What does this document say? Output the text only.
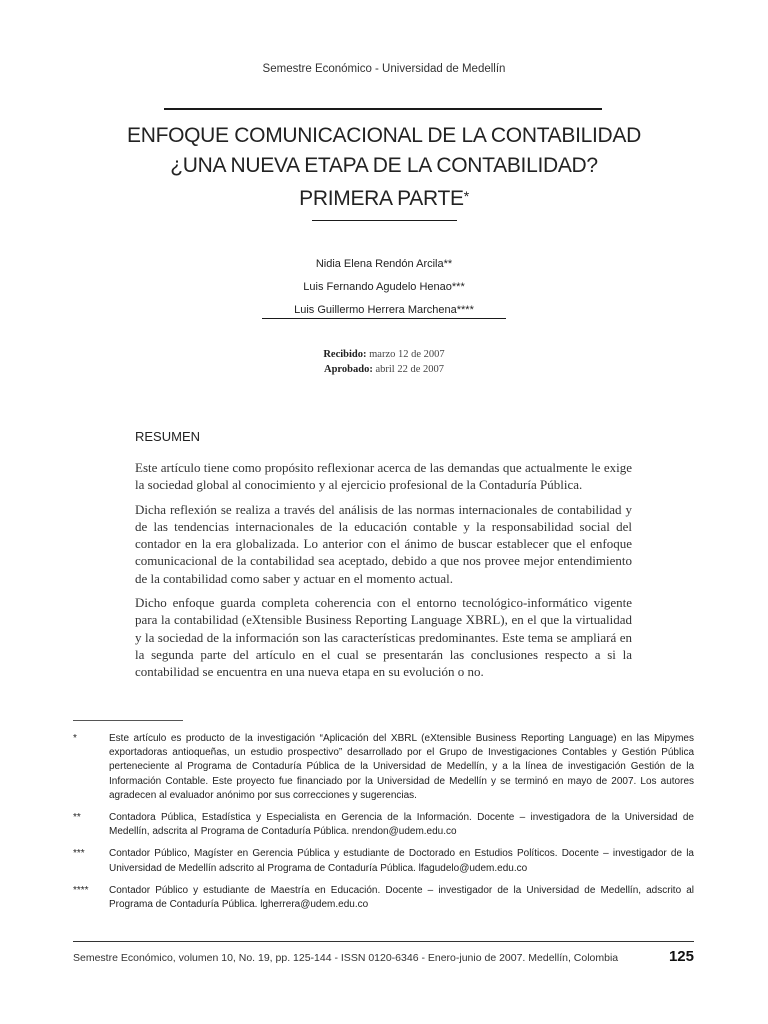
Semestre Económico - Universidad de Medellín
ENFOQUE COMUNICACIONAL DE LA CONTABILIDAD
¿UNA NUEVA ETAPA DE LA CONTABILIDAD?
PRIMERA PARTE*
Nidia Elena Rendón Arcila**
Luis Fernando Agudelo Henao***
Luis Guillermo Herrera Marchena****
Recibido: marzo 12 de 2007
Aprobado: abril 22 de 2007
RESUMEN

Este artículo tiene como propósito reflexionar acerca de las demandas que actualmente le exige la sociedad global al conocimiento y al ejercicio profesional de la Contaduría Pública.

Dicha reflexión se realiza a través del análisis de las normas internacionales de contabilidad y de las tendencias internacionales de la educación contable y la responsabilidad social del contador en la era globalizada. Lo anterior con el ánimo de buscar establecer que el enfoque comunicacional de la contabilidad sea aceptado, debido a que nos provee mejor entendimiento de la contabilidad como saber y actuar en el momento actual.

Dicho enfoque guarda completa coherencia con el entorno tecnológico-informático vigente para la contabilidad (eXtensible Business Reporting Language XBRL), en el que la virtualidad y la sociedad de la información son las características predominantes. Este tema se ampliará en la segunda parte del artículo en el cual se presentarán las conclusiones respecto a si la contabilidad se encuentra en una nueva etapa en su evolución o no.

*	Este artículo es producto de la investigación “Aplicación del XBRL (eXtensible Business Reporting Language) en las Mipymes exportadoras antioqueñas, un estudio prospectivo” desarrollado por el Grupo de Investigaciones Contables y Gestión Pública perteneciente al Programa de Contaduría Pública de la Universidad de Medellín, y a la línea de investigación Gestión de la Información Contable. Este proyecto fue financiado por la Universidad de Medellín y se terminó en mayo de 2007. Los autores agradecen al evaluador anónimo por sus correcciones y sugerencias.
**	Contadora Pública, Estadística y Especialista en Gerencia de la Información. Docente – investigadora de la Universidad de Medellín, adscrita al Programa de Contaduría Pública. nrendon@udem.edu.co
***	Contador Público, Magíster en Gerencia Pública y estudiante de Doctorado en Estudios Políticos. Docente – investigador de la Universidad de Medellín adscrito al Programa de Contaduría Pública. lfagudelo@udem.edu.co
****	Contador Público y estudiante de Maestría en Educación. Docente – investigador de la Universidad de Medellín, adscrito al Programa de Contaduría Pública. lgherrera@udem.edu.co
Semestre Económico, volumen 10, No. 19, pp. 125-144 - ISSN 0120-6346 - Enero-junio de 2007. Medellín, Colombia	125
